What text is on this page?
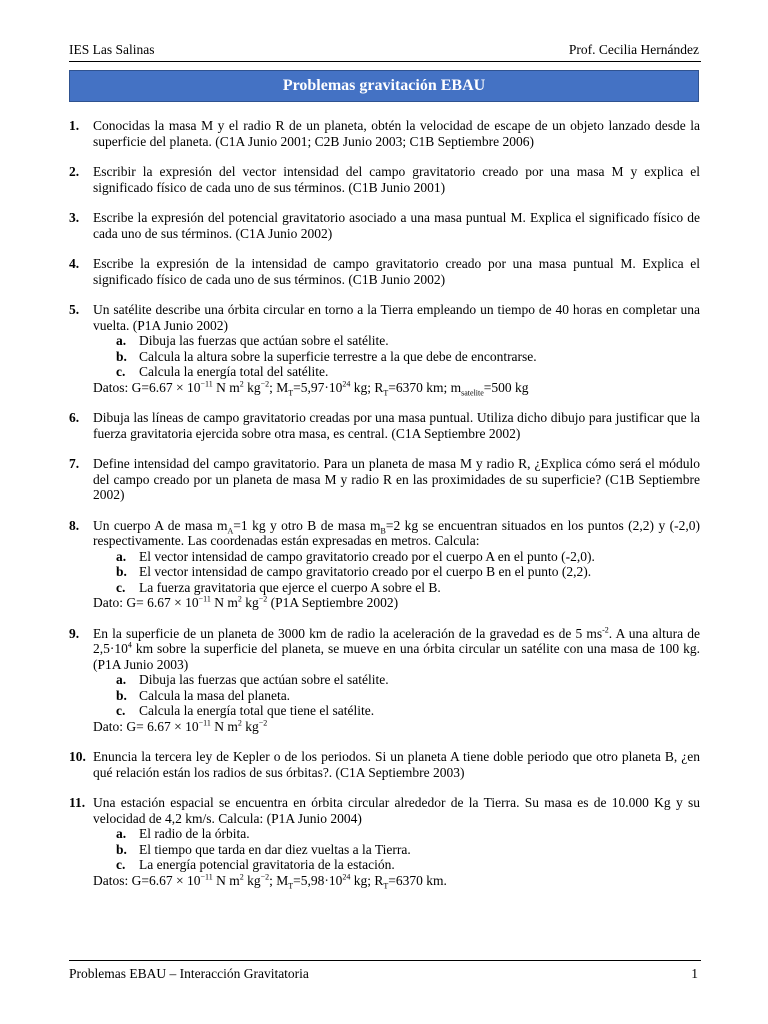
IES Las Salinas	Prof. Cecilia Hernández
Problemas gravitación EBAU
1. Conocidas la masa M y el radio R de un planeta, obtén la velocidad de escape de un objeto lanzado desde la superficie del planeta. (C1A Junio 2001; C2B Junio 2003; C1B Septiembre 2006)
2. Escribir la expresión del vector intensidad del campo gravitatorio creado por una masa M y explica el significado físico de cada uno de sus términos. (C1B Junio 2001)
3. Escribe la expresión del potencial gravitatorio asociado a una masa puntual M. Explica el significado físico de cada uno de sus términos. (C1A Junio 2002)
4. Escribe la expresión de la intensidad de campo gravitatorio creado por una masa puntual M. Explica el significado físico de cada uno de sus términos. (C1B Junio 2002)
5. Un satélite describe una órbita circular en torno a la Tierra empleando un tiempo de 40 horas en completar una vuelta. (P1A Junio 2002)
a. Dibuja las fuerzas que actúan sobre el satélite.
b. Calcula la altura sobre la superficie terrestre a la que debe de encontrarse.
c. Calcula la energía total del satélite.
Datos: $G=6.67 \times 10^{-11}$ N $m^2$ $kg^{-2}$; $M_T=5,97\cdot 10^{24}$ kg; $R_T=6370$ km; $m_{satelite}=500$ kg
6. Dibuja las líneas de campo gravitatorio creadas por una masa puntual. Utiliza dicho dibujo para justificar que la fuerza gravitatoria ejercida sobre otra masa, es central. (C1A Septiembre 2002)
7. Define intensidad del campo gravitatorio. Para un planeta de masa M y radio R, ¿Explica cómo será el módulo del campo creado por un planeta de masa M y radio R en las proximidades de su superficie? (C1B Septiembre 2002)
8. Un cuerpo A de masa $m_A=1$ kg y otro B de masa $m_B=2$ kg se encuentran situados en los puntos (2,2) y (-2,0) respectivamente. Las coordenadas están expresadas en metros. Calcula:
a. El vector intensidad de campo gravitatorio creado por el cuerpo A en el punto (-2,0).
b. El vector intensidad de campo gravitatorio creado por el cuerpo B en el punto (2,2).
c. La fuerza gravitatoria que ejerce el cuerpo A sobre el B.
Dato: $G= 6.67 \times 10^{-11}$ N $m^2$ $kg^{-2}$ (P1A Septiembre 2002)
9. En la superficie de un planeta de 3000 km de radio la aceleración de la gravedad es de 5 $ms^{-2}$. A una altura de $2,5\cdot 10^4$ km sobre la superficie del planeta, se mueve en una órbita circular un satélite con una masa de 100 kg. (P1A Junio 2003)
a. Dibuja las fuerzas que actúan sobre el satélite.
b. Calcula la masa del planeta.
c. Calcula la energía total que tiene el satélite.
Dato: $G= 6.67 \times 10^{-11}$ N $m^2$ $kg^{-2}$
10. Enuncia la tercera ley de Kepler o de los periodos. Si un planeta A tiene doble periodo que otro planeta B, ¿en qué relación están los radios de sus órbitas?. (C1A Septiembre 2003)
11. Una estación espacial se encuentra en órbita circular alrededor de la Tierra. Su masa es de 10.000 Kg y su velocidad de 4,2 km/s. Calcula: (P1A Junio 2004)
a. El radio de la órbita.
b. El tiempo que tarda en dar diez vueltas a la Tierra.
c. La energía potencial gravitatoria de la estación.
Datos: $G=6.67 \times 10^{-11}$ N $m^2$ $kg^{-2}$; $M_T=5,98\cdot 10^{24}$ kg; $R_T=6370$ km.
Problemas EBAU – Interacción Gravitatoria	1
